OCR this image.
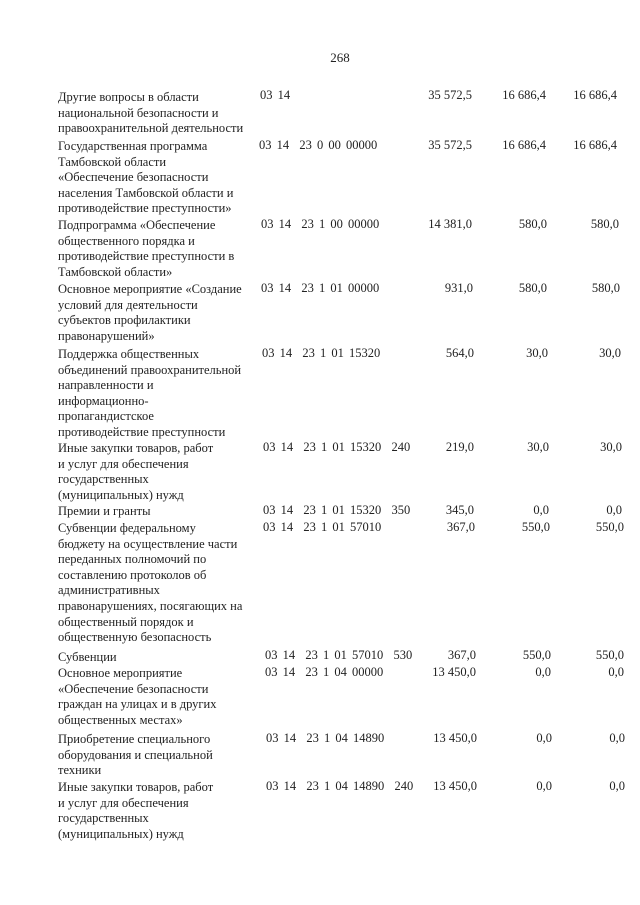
268
Другие вопросы в области
национальной безопасности и
правоохранительной деятельности
03 14	35 572,5	16 686,4	16 686,4
Государственная программа
Тамбовской области
«Обеспечение безопасности
населения Тамбовской области и
противодействие преступности»
03 14  23 0 00 00000	35 572,5	16 686,4	16 686,4
Подпрограмма «Обеспечение
общественного порядка и
противодействие преступности в
Тамбовской области»
03 14  23 1 00 00000	14 381,0	580,0	580,0
Основное мероприятие «Создание
условий для деятельности
субъектов профилактики
правонарушений»
03 14  23 1 01 00000	931,0	580,0	580,0
Поддержка общественных
объединений правоохранительной
направленности и
информационно-
пропагандистское
противодействие преступности
03 14  23 1 01 15320	564,0	30,0	30,0
Иные закупки товаров, работ
и услуг для обеспечения
государственных
(муниципальных) нужд
03 14  23 1 01 15320  240	219,0	30,0	30,0
Премии и гранты	03 14  23 1 01 15320  350	345,0	0,0	0,0
Субвенции федеральному
бюджету на осуществление части
переданных полномочий по
составлению протоколов об
административных
правонарушениях, посягающих на
общественный порядок и
общественную безопасность
03 14  23 1 01 57010	367,0	550,0	550,0
Субвенции	03 14  23 1 01 57010  530	367,0	550,0	550,0
Основное мероприятие
«Обеспечение безопасности
граждан на улицах и в других
общественных местах»
03 14  23 1 04 00000	13 450,0	0,0	0,0
Приобретение специального
оборудования и специальной
техники
03 14  23 1 04 14890	13 450,0	0,0	0,0
Иные закупки товаров, работ
и услуг для обеспечения
государственных
(муниципальных) нужд
03 14  23 1 04 14890  240	13 450,0	0,0	0,0
